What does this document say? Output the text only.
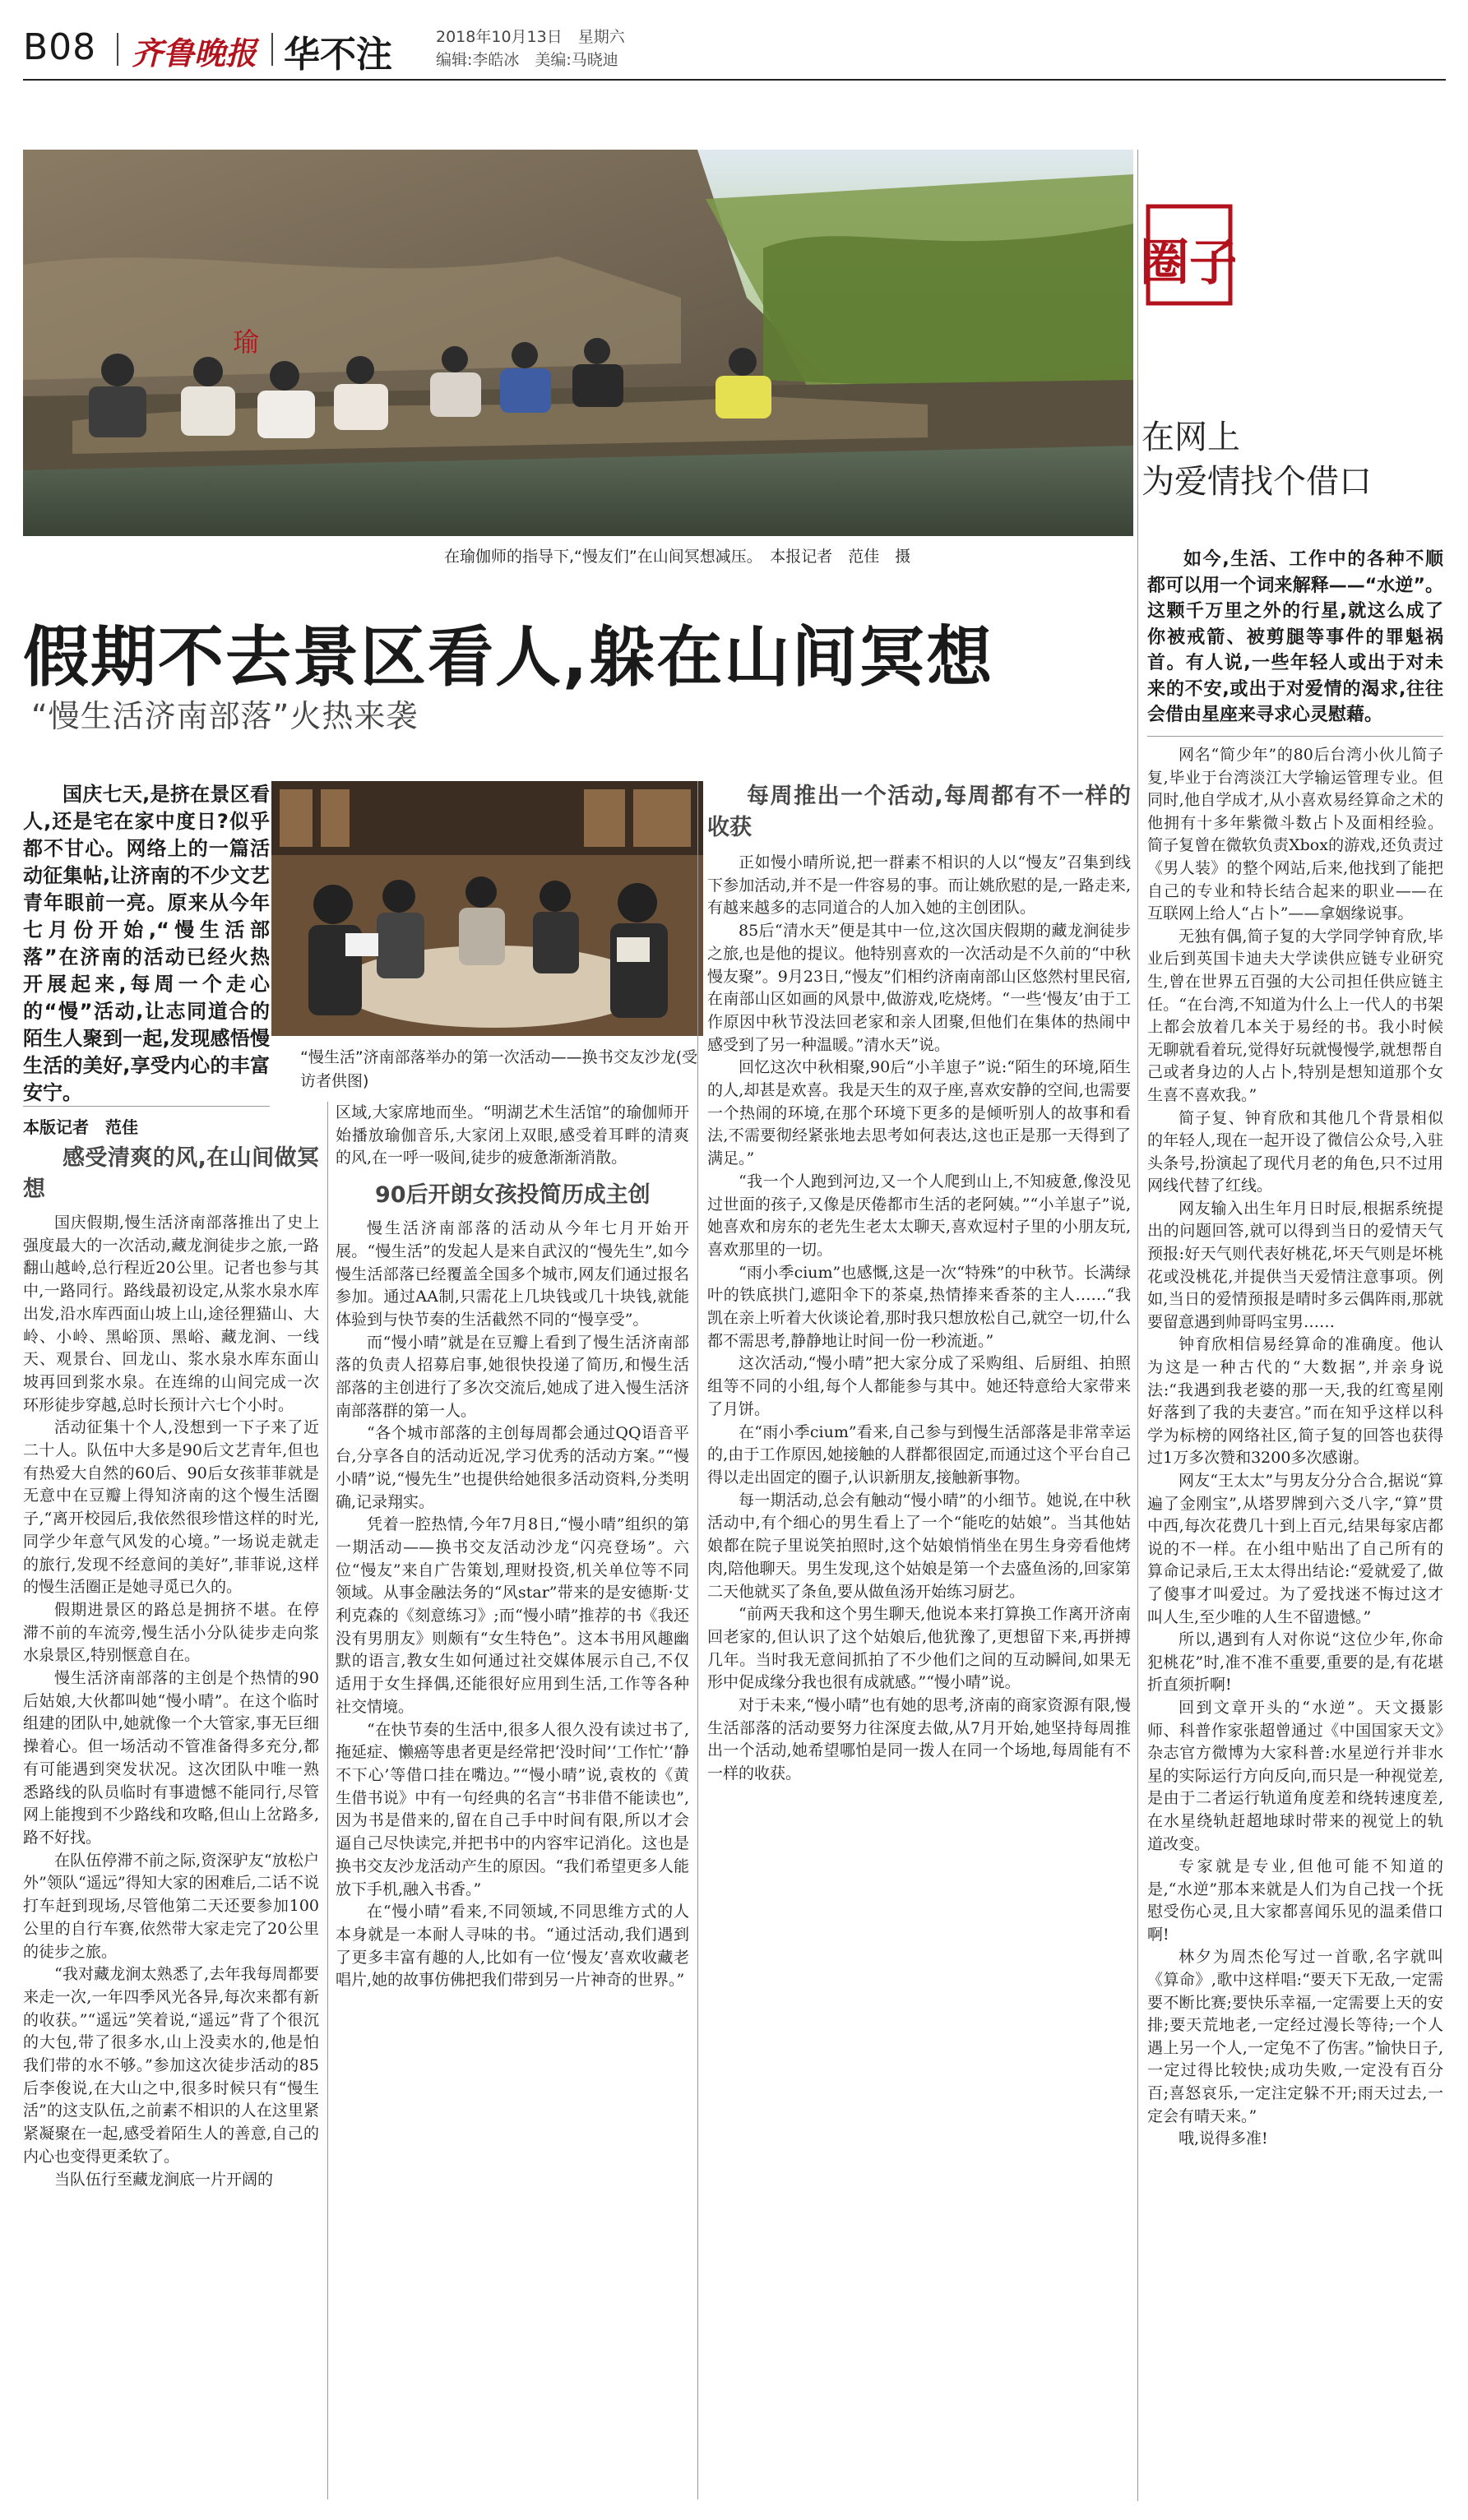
B08 齐鲁晚报 华不注	2018年10月13日　星期六
编辑:李皓冰　美编:马晓迪
瑜
在瑜伽师的指导下,“慢友们”在山间冥想减压。　本报记者　范佳　摄
假期不去景区看人,躲在山间冥想
“慢生活济南部落”火热来袭
国庆七天,是挤在景区看人,还是宅在家中度日?似乎都不甘心。网络上的一篇活动征集帖,让济南的不少文艺青年眼前一亮。原来从今年七月份开始,“慢生活部落”在济南的活动已经火热开展起来,每周一个走心的“慢”活动,让志同道合的陌生人聚到一起,发现感悟慢生活的美好,享受内心的丰富安宁。
“慢生活”济南部落举办的第一次活动——换书交友沙龙(受访者供图)
本版记者　范佳
感受清爽的风,在山间做冥想

国庆假期,慢生活济南部落推出了史上强度最大的一次活动,藏龙涧徒步之旅,一路翻山越岭,总行程近20公里。记者也参与其中,一路同行。路线最初设定,从浆水泉水库出发,沿水库西面山坡上山,途径狸猫山、大岭、小岭、黑峪顶、黑峪、藏龙涧、一线天、观景台、回龙山、浆水泉水库东面山坡再回到浆水泉。在连绵的山间完成一次环形徒步穿越,总时长预计六七个小时。

活动征集十个人,没想到一下子来了近二十人。队伍中大多是90后文艺青年,但也有热爱大自然的60后、90后女孩菲菲就是无意中在豆瓣上得知济南的这个慢生活圈子,“离开校园后,我依然很珍惜这样的时光,同学少年意气风发的心境。”一场说走就走的旅行,发现不经意间的美好”,菲菲说,这样的慢生活圈正是她寻觅已久的。

假期进景区的路总是拥挤不堪。在停滞不前的车流旁,慢生活小分队徒步走向浆水泉景区,特别惬意自在。

慢生活济南部落的主创是个热情的90后姑娘,大伙都叫她“慢小晴”。在这个临时组建的团队中,她就像一个大管家,事无巨细操着心。但一场活动不管准备得多充分,都有可能遇到突发状况。这次团队中唯一熟悉路线的队员临时有事遗憾不能同行,尽管网上能搜到不少路线和攻略,但山上岔路多,路不好找。

在队伍停滞不前之际,资深驴友“放松户外”领队“遥远”得知大家的困难后,二话不说打车赶到现场,尽管他第二天还要参加100公里的自行车赛,依然带大家走完了20公里的徒步之旅。

“我对藏龙涧太熟悉了,去年我每周都要来走一次,一年四季风光各异,每次来都有新的收获。”“遥远”笑着说,“遥远”背了个很沉的大包,带了很多水,山上没卖水的,他是怕我们带的水不够。”参加这次徒步活动的85后李俊说,在大山之中,很多时候只有“慢生活”的这支队伍,之前素不相识的人在这里紧紧凝聚在一起,感受着陌生人的善意,自己的内心也变得更柔软了。

当队伍行至藏龙涧底一片开阔的

区域,大家席地而坐。“明湖艺术生活馆”的瑜伽师开始播放瑜伽音乐,大家闭上双眼,感受着耳畔的清爽的风,在一呼一吸间,徒步的疲惫渐渐消散。

90后开朗女孩投简历成主创

慢生活济南部落的活动从今年七月开始开展。“慢生活”的发起人是来自武汉的“慢先生”,如今慢生活部落已经覆盖全国多个城市,网友们通过报名参加。通过AA制,只需花上几块钱或几十块钱,就能体验到与快节奏的生活截然不同的“慢享受”。

而“慢小晴”就是在豆瓣上看到了慢生活济南部落的负责人招募启事,她很快投递了简历,和慢生活部落的主创进行了多次交流后,她成了进入慢生活济南部落群的第一人。

“各个城市部落的主创每周都会通过QQ语音平台,分享各自的活动近况,学习优秀的活动方案。”“慢小晴”说,“慢先生”也提供给她很多活动资料,分类明确,记录翔实。

凭着一腔热情,今年7月8日,“慢小晴”组织的第一期活动——换书交友活动沙龙“闪亮登场”。六位“慢友”来自广告策划,理财投资,机关单位等不同领域。从事金融法务的“风star”带来的是安德斯·艾利克森的《刻意练习》;而“慢小晴”推荐的书《我还没有男朋友》则颇有“女生特色”。这本书用风趣幽默的语言,教女生如何通过社交媒体展示自己,不仅适用于女生择偶,还能很好应用到生活,工作等各种社交情境。

“在快节奏的生活中,很多人很久没有读过书了,拖延症、懒癌等患者更是经常把‘没时间’‘工作忙’‘静不下心’等借口挂在嘴边。”“慢小晴”说,袁枚的《黄生借书说》中有一句经典的名言“书非借不能读也”,因为书是借来的,留在自己手中时间有限,所以才会逼自己尽快读完,并把书中的内容牢记消化。这也是换书交友沙龙活动产生的原因。“我们希望更多人能放下手机,融入书香。”

在“慢小晴”看来,不同领域,不同思维方式的人本身就是一本耐人寻味的书。“通过活动,我们遇到了更多丰富有趣的人,比如有一位‘慢友’喜欢收藏老唱片,她的故事仿佛把我们带到另一片神奇的世界。”

每周推出一个活动,每周都有不一样的收获

正如慢小晴所说,把一群素不相识的人以“慢友”召集到线下参加活动,并不是一件容易的事。而让姚欣慰的是,一路走来,有越来越多的志同道合的人加入她的主创团队。

85后“清水天”便是其中一位,这次国庆假期的藏龙涧徒步之旅,也是他的提议。他特别喜欢的一次活动是不久前的“中秋慢友聚”。9月23日,“慢友”们相约济南南部山区悠然村里民宿,在南部山区如画的风景中,做游戏,吃烧烤。“一些‘慢友’由于工作原因中秋节没法回老家和亲人团聚,但他们在集体的热闹中感受到了另一种温暖。”清水天”说。

回忆这次中秋相聚,90后“小羊崽子”说:“陌生的环境,陌生的人,却甚是欢喜。我是天生的双子座,喜欢安静的空间,也需要一个热闹的环境,在那个环境下更多的是倾听别人的故事和看法,不需要彻经紧张地去思考如何表达,这也正是那一天得到了满足。”

“我一个人跑到河边,又一个人爬到山上,不知疲惫,像没见过世面的孩子,又像是厌倦都市生活的老阿姨。”“小羊崽子”说,她喜欢和房东的老先生老太太聊天,喜欢逗村子里的小朋友玩,喜欢那里的一切。

“雨小季cium”也感慨,这是一次“特殊”的中秋节。长满绿叶的铁底拱门,遮阳伞下的茶桌,热情捧来香茶的主人……“我凯在亲上听着大伙谈论着,那时我只想放松自己,就空一切,什么都不需思考,静静地让时间一份一秒流逝。”

这次活动,“慢小晴”把大家分成了采购组、后厨组、拍照组等不同的小组,每个人都能参与其中。她还特意给大家带来了月饼。

在“雨小季cium”看来,自己参与到慢生活部落是非常幸运的,由于工作原因,她接触的人群都很固定,而通过这个平台自己得以走出固定的圈子,认识新朋友,接触新事物。

每一期活动,总会有触动“慢小晴”的小细节。她说,在中秋活动中,有个细心的男生看上了一个“能吃的姑娘”。当其他姑娘都在院子里说笑拍照时,这个姑娘悄悄坐在男生身旁看他烤肉,陪他聊天。男生发现,这个姑娘是第一个去盛鱼汤的,回家第二天他就买了条鱼,要从做鱼汤开始练习厨艺。

“前两天我和这个男生聊天,他说本来打算换工作离开济南回老家的,但认识了这个姑娘后,他犹豫了,更想留下来,再拼搏几年。当时我无意间抓拍了不少他们之间的互动瞬间,如果无形中促成缘分我也很有成就感。”“慢小晴”说。

对于未来,“慢小晴”也有她的思考,济南的商家资源有限,慢生活部落的活动要努力往深度去做,从7月开始,她坚持每周推出一个活动,她希望哪怕是同一拨人在同一个场地,每周能有不一样的收获。

圈子
在网上
为爱情找个借口
如今,生活、工作中的各种不顺都可以用一个词来解释——“水逆”。这颗千万里之外的行星,就这么成了你被戒箭、被剪腿等事件的罪魁祸首。有人说,一些年轻人或出于对未来的不安,或出于对爱情的渴求,往往会借由星座来寻求心灵慰藉。

网名“简少年”的80后台湾小伙儿简子复,毕业于台湾淡江大学输运管理专业。但同时,他自学成才,从小喜欢易经算命之术的他拥有十多年紫微斗数占卜及面相经验。简子复曾在微软负责Xbox的游戏,还负责过《男人装》的整个网站,后来,他找到了能把自己的专业和特长结合起来的职业——在互联网上给人“占卜”——拿姻缘说事。

无独有偶,简子复的大学同学钟育欣,毕业后到英国卡迪夫大学读供应链专业研究生,曾在世界五百强的大公司担任供应链主任。“在台湾,不知道为什么上一代人的书架上都会放着几本关于易经的书。我小时候无聊就看着玩,觉得好玩就慢慢学,就想帮自己或者身边的人占卜,特别是想知道那个女生喜不喜欢我。”

简子复、钟育欣和其他几个背景相似的年轻人,现在一起开设了微信公众号,入驻头条号,扮演起了现代月老的角色,只不过用网线代替了红线。

网友输入出生年月日时辰,根据系统提出的问题回答,就可以得到当日的爱情天气预报:好天气则代表好桃花,坏天气则是坏桃花或没桃花,并提供当天爱情注意事项。例如,当日的爱情预报是晴时多云偶阵雨,那就要留意遇到帅哥吗宝男……

钟育欣相信易经算命的准确度。他认为这是一种古代的“大数据”,并亲身说法:“我遇到我老婆的那一天,我的红鸾星刚好落到了我的夫妻宫。”而在知乎这样以科学为标榜的网络社区,简子复的回答也获得过1万多次赞和3200多次感谢。

网友“王太太”与男友分分合合,据说“算遍了金刚宝”,从塔罗牌到六爻八字,“算”贯中西,每次花费几十到上百元,结果每家店都说的不一样。在小组中贴出了自己所有的算命记录后,王太太得出结论:“爱就爱了,做了傻事才叫爱过。为了爱找迷不悔过这才叫人生,至少唯的人生不留遗憾。”

所以,遇到有人对你说“这位少年,你命犯桃花”时,准不准不重要,重要的是,有花堪折直须折啊!

回到文章开头的“水逆”。天文摄影师、科普作家张超曾通过《中国国家天文》杂志官方微博为大家科普:水星逆行并非水星的实际运行方向反向,而只是一种视觉差,是由于二者运行轨道角度差和绕转速度差,在水星绕轨赶超地球时带来的视觉上的轨道改变。

专家就是专业,但他可能不知道的是,“水逆”那本来就是人们为自己找一个抚慰受伤心灵,且大家都喜闻乐见的温柔借口啊!

林夕为周杰伦写过一首歌,名字就叫《算命》,歌中这样唱:“要天下无敌,一定需要不断比赛;要快乐幸福,一定需要上天的安排;要天荒地老,一定经过漫长等待;一个人遇上另一个人,一定兔不了伤害。”愉快日子,一定过得比较快;成功失败,一定没有百分百;喜怒哀乐,一定注定躲不开;雨天过去,一定会有晴天来。”

哦,说得多准!
